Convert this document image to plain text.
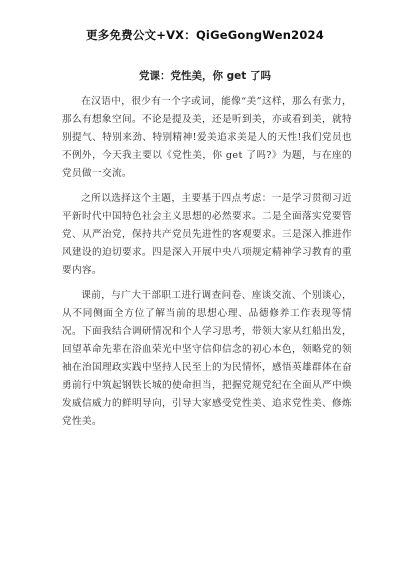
更多免费公文+VX：QiGeGongWen2024
党课：党性美，你 get 了吗

在汉语中，很少有一个字或词，能像“美”这样，那么有张力，那么有想象空间。不论是提及美，还是听到美，亦或看到美，就特别提气、特别来劲、特别精神!爱美追求美是人的天性!我们党员也不例外，今天我主要以《党性美，你 get 了吗?》为题，与在座的党员做一交流。

之所以选择这个主题，主要基于四点考虑：一是学习贯彻习近平新时代中国特色社会主义思想的必然要求。二是全面落实党要管党、从严治党，保持共产党员先进性的客观要求。三是深入推进作风建设的迫切要求。四是深入开展中央八项规定精神学习教育的重要内容。

课前，与广大干部职工进行调查问卷、座谈交流、个别谈心，从不同侧面全方位了解当前的思想心理、品德修养工作表现等情况。下面我结合调研情况和个人学习思考，带领大家从红船出发，回望革命先辈在浴血荣光中坚守信仰信念的初心本色，领略党的领袖在治国理政实践中坚持人民至上的为民情怀，感悟英雄群体在奋勇前行中筑起钢铁长城的使命担当，把握党规党纪在全面从严中焕发威信威力的鲜明导向，引导大家感受党性美、追求党性美、修炼党性美。
